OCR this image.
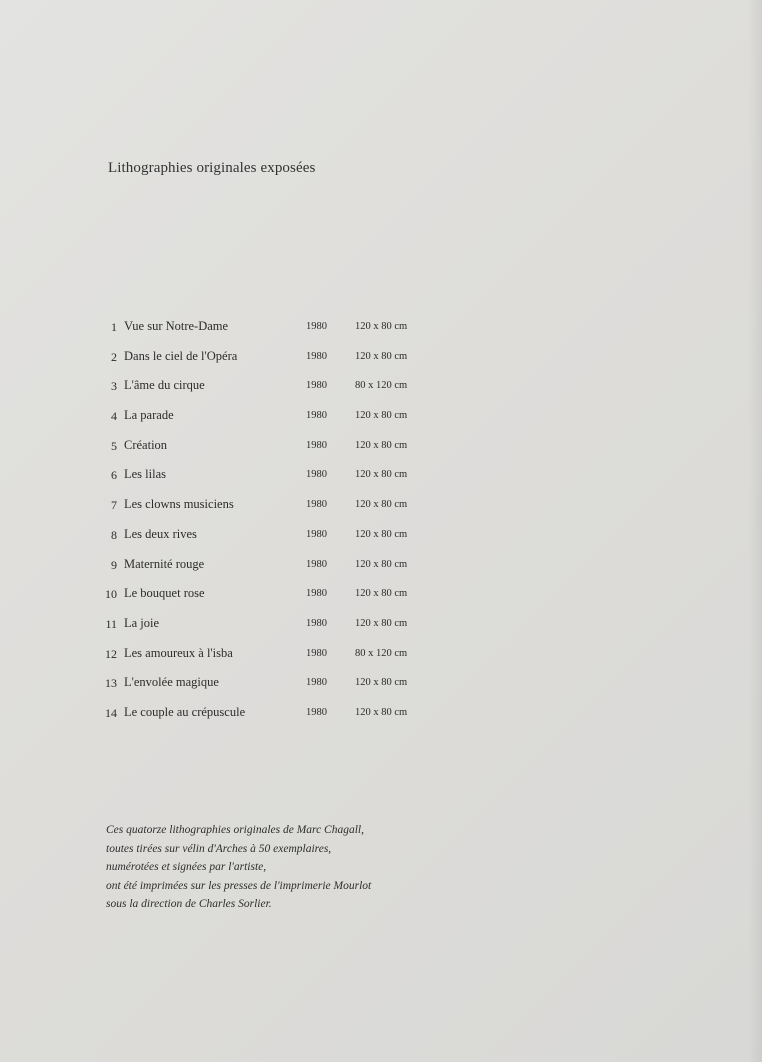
Lithographies originales exposées
1 Vue sur Notre-Dame	1980	120 x 80 cm
2 Dans le ciel de l'Opéra	1980	120 x 80 cm
3 L'âme du cirque	1980	80 x 120 cm
4 La parade	1980	120 x 80 cm
5 Création	1980	120 x 80 cm
6 Les lilas	1980	120 x 80 cm
7 Les clowns musiciens	1980	120 x 80 cm
8 Les deux rives	1980	120 x 80 cm
9 Maternité rouge	1980	120 x 80 cm
10 Le bouquet rose	1980	120 x 80 cm
11 La joie	1980	120 x 80 cm
12 Les amoureux à l'isba	1980	80 x 120 cm
13 L'envolée magique	1980	120 x 80 cm
14 Le couple au crépuscule	1980	120 x 80 cm
Ces quatorze lithographies originales de Marc Chagall,
toutes tirées sur vélin d'Arches à 50 exemplaires,
numérotées et signées par l'artiste,
ont été imprimées sur les presses de l'imprimerie Mourlot
sous la direction de Charles Sorlier.
